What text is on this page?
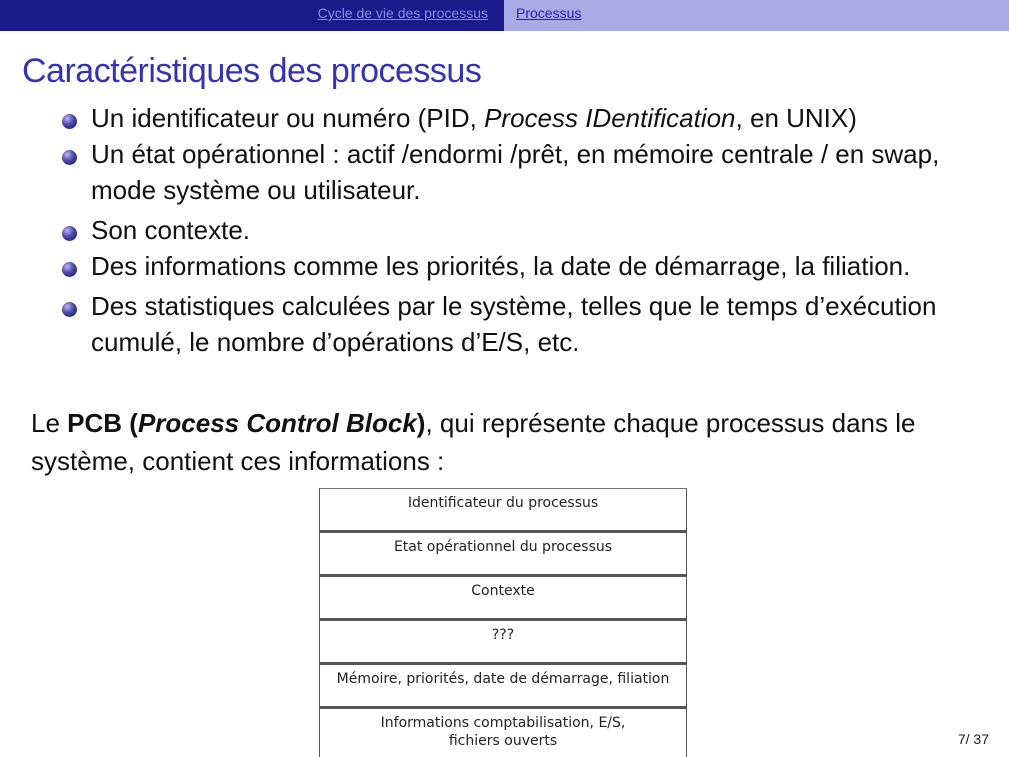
Cycle de vie des processus Processus
Caractéristiques des processus
Un identificateur ou numéro (PID, Process IDentification, en UNIX)
Un état opérationnel : actif /endormi /prêt, en mémoire centrale / en swap, mode système ou utilisateur.
Son contexte.
Des informations comme les priorités, la date de démarrage, la filiation.
Des statistiques calculées par le système, telles que le temps d’exécution cumulé, le nombre d’opérations d’E/S, etc.
Le PCB (Process Control Block), qui représente chaque processus dans le système, contient ces informations :
Identificateur du processus
Etat opérationnel du processus
Contexte
???
Mémoire, priorités, date de démarrage, filiation
Informations comptabilisation, E/S,
fichiers ouverts	7/ 37
